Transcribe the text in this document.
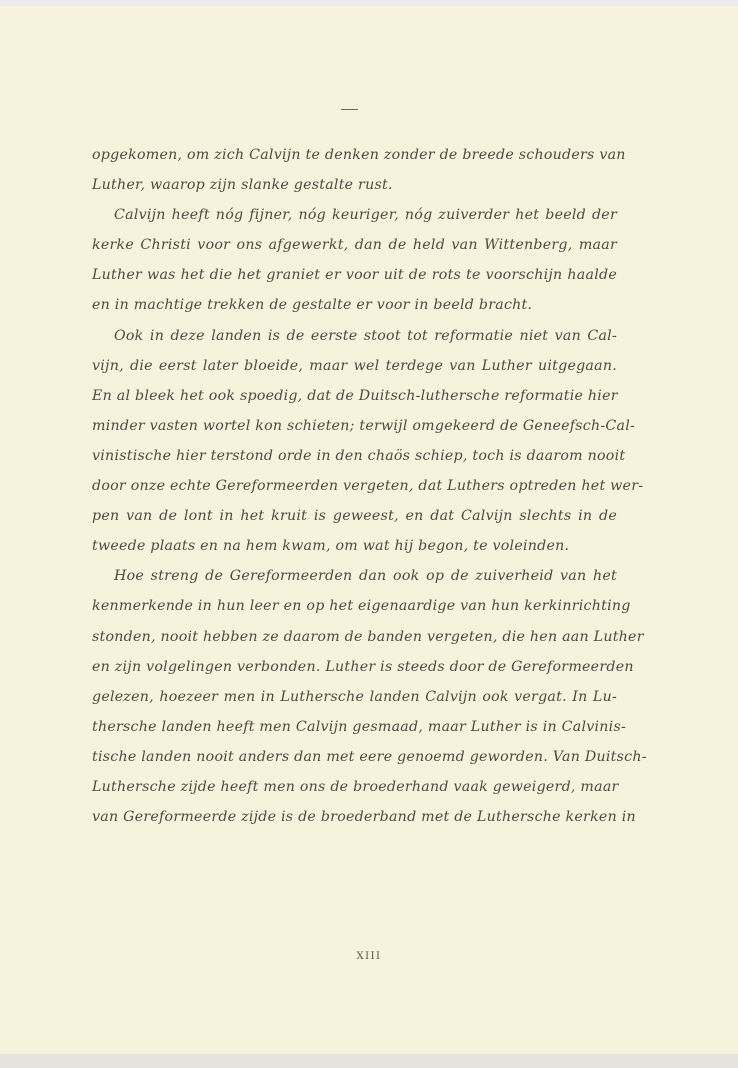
opgekomen, om zich Calvijn te denken zonder de breede schouders van
Luther, waarop zijn slanke gestalte rust.
Calvijn heeft nóg fijner, nóg keuriger, nóg zuiverder het beeld der
kerke Christi voor ons afgewerkt, dan de held van Wittenberg, maar
Luther was het die het graniet er voor uit de rots te voorschijn haalde
en in machtige trekken de gestalte er voor in beeld bracht.
Ook in deze landen is de eerste stoot tot reformatie niet van Cal-
vijn, die eerst later bloeide, maar wel terdege van Luther uitgegaan.
En al bleek het ook spoedig, dat de Duitsch-luthersche reformatie hier
minder vasten wortel kon schieten; terwijl omgekeerd de Geneefsch-Cal-
vinistische hier terstond orde in den chaös schiep, toch is daarom nooit
door onze echte Gereformeerden vergeten, dat Luthers optreden het wer-
pen van de lont in het kruit is geweest, en dat Calvijn slechts in de
tweede plaats en na hem kwam, om wat hij begon, te voleinden.
Hoe streng de Gereformeerden dan ook op de zuiverheid van het
kenmerkende in hun leer en op het eigenaardige van hun kerkinrichting
stonden, nooit hebben ze daarom de banden vergeten, die hen aan Luther
en zijn volgelingen verbonden. Luther is steeds door de Gereformeerden
gelezen, hoezeer men in Luthersche landen Calvijn ook vergat. In Lu-
thersche landen heeft men Calvijn gesmaad, maar Luther is in Calvinis-
tische landen nooit anders dan met eere genoemd geworden. Van Duitsch-
Luthersche zijde heeft men ons de broederhand vaak geweigerd, maar
van Gereformeerde zijde is de broederband met de Luthersche kerken in
XIII
